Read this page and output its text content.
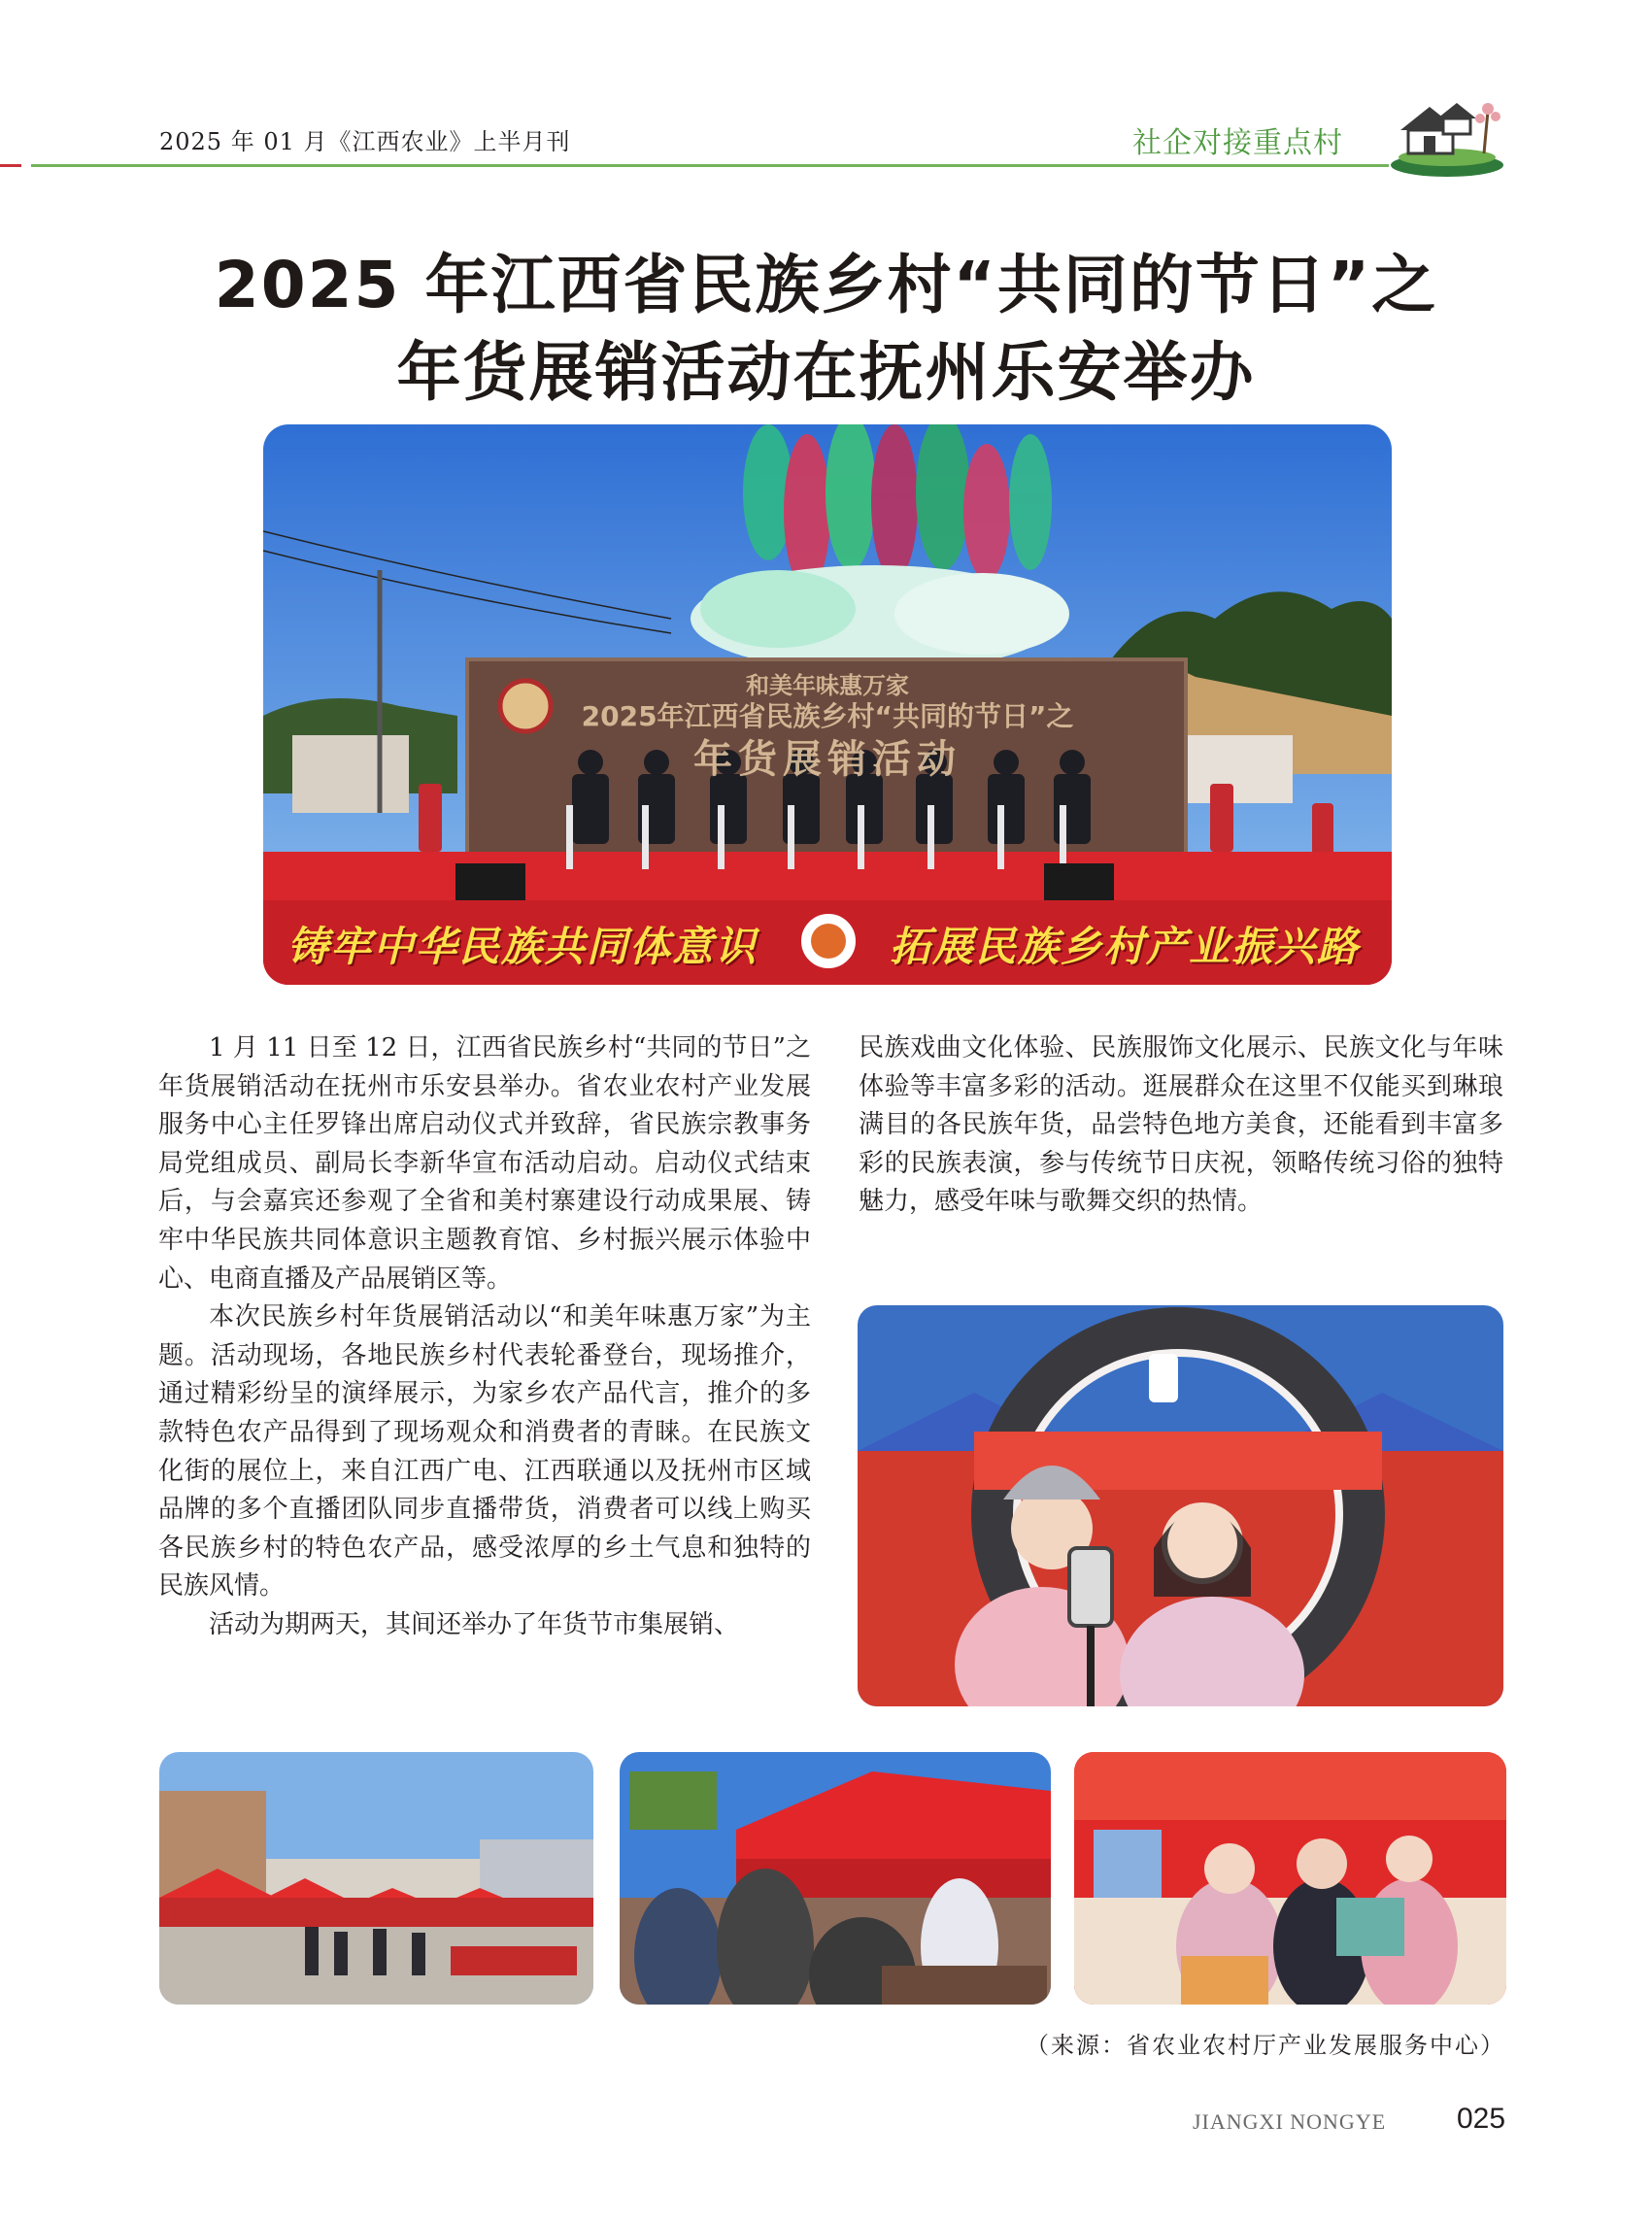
2025 年 01 月《江西农业》上半月刊	社企对接重点村
2025 年江西省民族乡村“共同的节日”之
年货展销活动在抚州乐安举办
和美年味惠万家
2025年江西省民族乡村“共同的节日”之
年货展销活动
铸牢中华民族共同体意识	拓展民族乡村产业振兴路

1 月 11 日至 12 日，江西省民族乡村“共同的节日”之年货展销活动在抚州市乐安县举办。省农业农村产业发展服务中心主任罗锋出席启动仪式并致辞，省民族宗教事务局党组成员、副局长李新华宣布活动启动。启动仪式结束后，与会嘉宾还参观了全省和美村寨建设行动成果展、铸牢中华民族共同体意识主题教育馆、乡村振兴展示体验中心、电商直播及产品展销区等。

本次民族乡村年货展销活动以“和美年味惠万家”为主题。活动现场，各地民族乡村代表轮番登台，现场推介，通过精彩纷呈的演绎展示，为家乡农产品代言，推介的多款特色农产品得到了现场观众和消费者的青睐。在民族文化街的展位上，来自江西广电、江西联通以及抚州市区域品牌的多个直播团队同步直播带货，消费者可以线上购买各民族乡村的特色农产品，感受浓厚的乡土气息和独特的民族风情。

活动为期两天，其间还举办了年货节市集展销、

民族戏曲文化体验、民族服饰文化展示、民族文化与年味体验等丰富多彩的活动。逛展群众在这里不仅能买到琳琅满目的各民族年货，品尝特色地方美食，还能看到丰富多彩的民族表演，参与传统节日庆祝，领略传统习俗的独特魅力，感受年味与歌舞交织的热情。

（来源：省农业农村厅产业发展服务中心）
JIANGXI NONGYE 025
